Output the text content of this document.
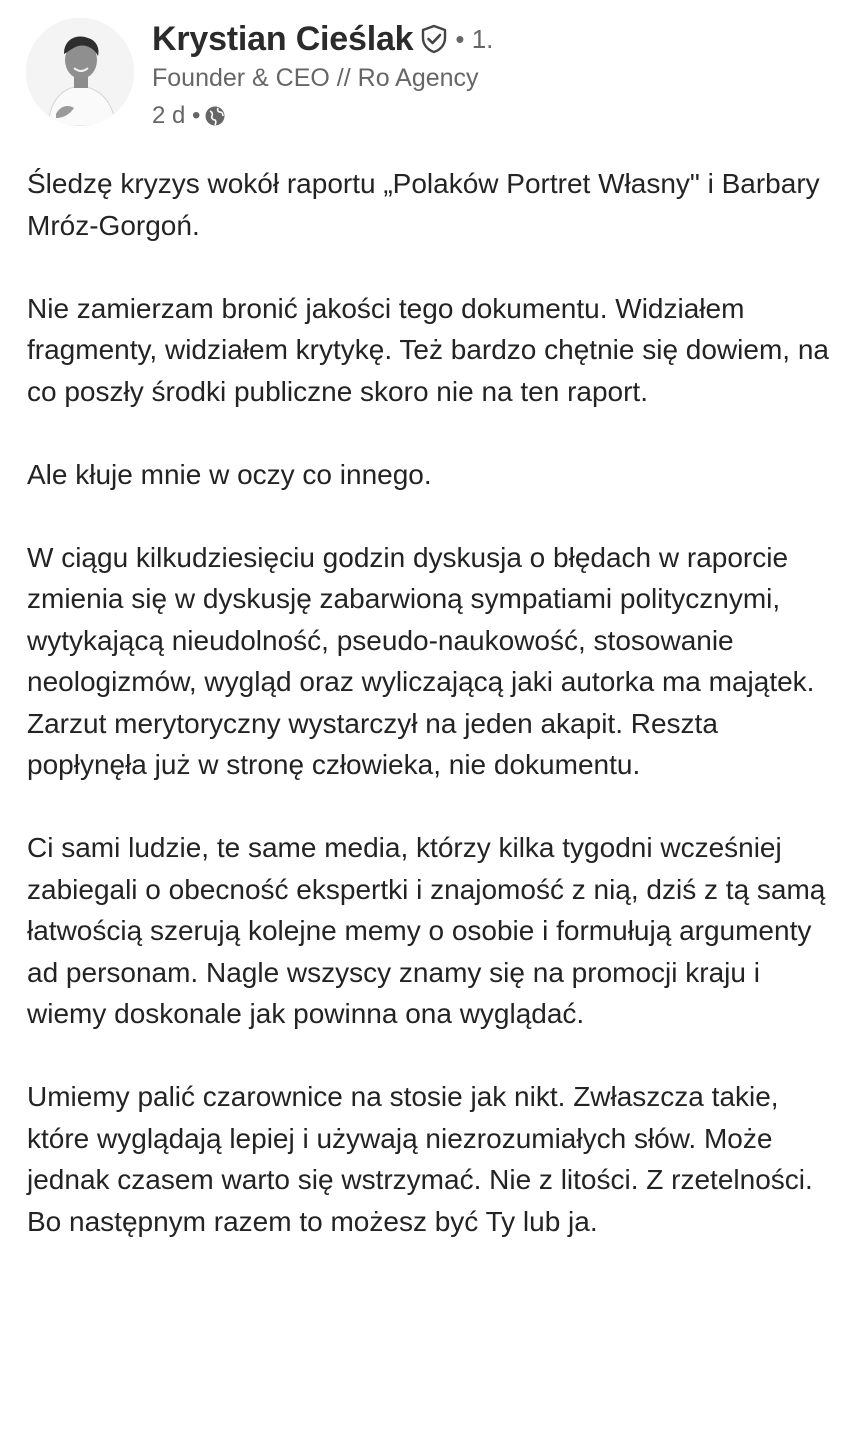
Krystian Cieślak • 1.
Founder & CEO // Ro Agency
2 d •

Śledzę kryzys wokół raportu „Polaków Portret Własny" i Barbary Mróz-Gorgoń.

Nie zamierzam bronić jakości tego dokumentu. Widziałem fragmenty, widziałem krytykę. Też bardzo chętnie się dowiem, na co poszły środki publiczne skoro nie na ten raport.

Ale kłuje mnie w oczy co innego.

W ciągu kilkudziesięciu godzin dyskusja o błędach w raporcie zmienia się w dyskusję zabarwioną sympatiami politycznymi, wytykającą nieudolność, pseudo-naukowość, stosowanie neologizmów, wygląd oraz wyliczającą jaki autorka ma majątek. Zarzut merytoryczny wystarczył na jeden akapit. Reszta popłynęła już w stronę człowieka, nie dokumentu.

Ci sami ludzie, te same media, którzy kilka tygodni wcześniej zabiegali o obecność ekspertki i znajomość z nią, dziś z tą samą łatwością szerują kolejne memy o osobie i formułują argumenty ad personam. Nagle wszyscy znamy się na promocji kraju i wiemy doskonale jak powinna ona wyglądać.

Umiemy palić czarownice na stosie jak nikt. Zwłaszcza takie, które wyglądają lepiej i używają niezrozumiałych słów. Może jednak czasem warto się wstrzymać. Nie z litości. Z rzetelności. Bo następnym razem to możesz być Ty lub ja.
